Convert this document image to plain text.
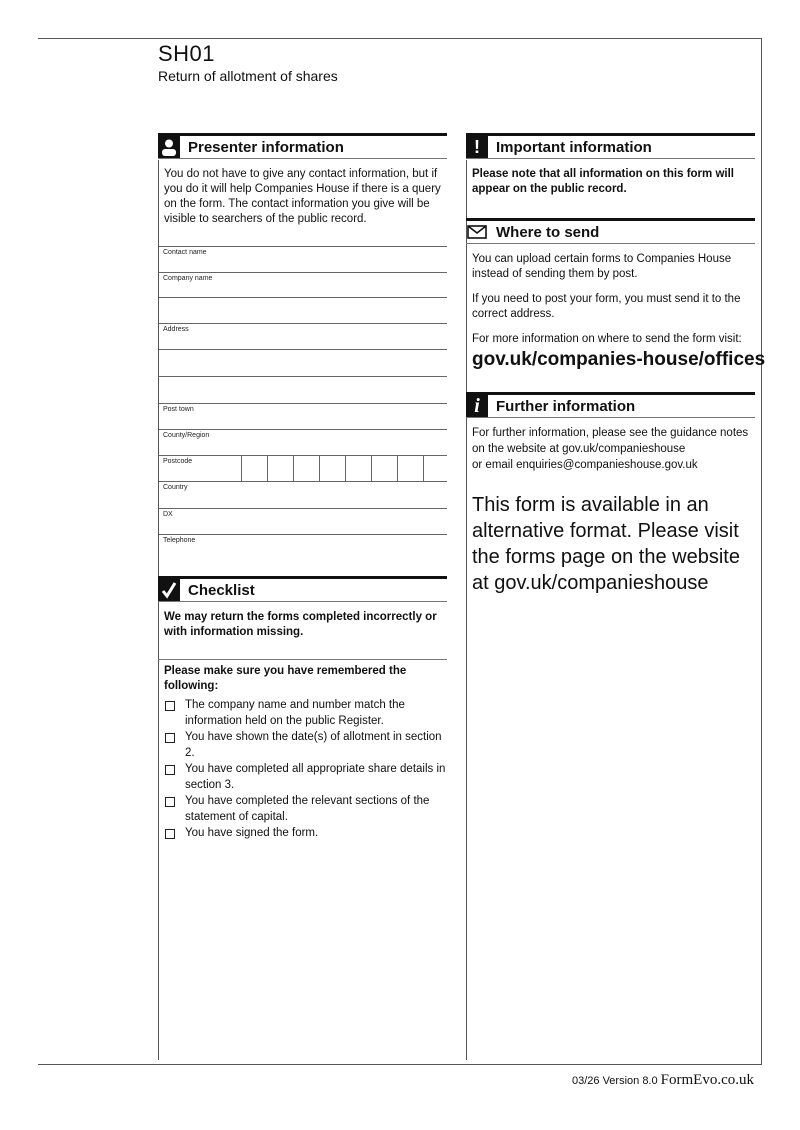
SH01
Return of allotment of shares
Presenter information
You do not have to give any contact information, but if you do it will help Companies House if there is a query on the form. The contact information you give will be visible to searchers of the public record.
Contact name
Company name
Address
Post town
County/Region
Postcode
Country
DX
Telephone
Checklist
We may return the forms completed incorrectly or with information missing.
Please make sure you have remembered the following:
The company name and number match the information held on the public Register.
You have shown the date(s) of allotment in section 2.
You have completed all appropriate share details in section 3.
You have completed the relevant sections of the statement of capital.
You have signed the form.
!	Important information
Please note that all information on this form will appear on the public record.
Where to send
You can upload certain forms to Companies House instead of sending them by post.
If you need to post your form, you must send it to the correct address.
For more information on where to send the form visit:
gov.uk/companies-house/offices
i	Further information
For further information, please see the guidance notes
on the website at gov.uk/companieshouse
or email enquiries@companieshouse.gov.uk
This form is available in an alternative format. Please visit the forms page on the website at gov.uk/companieshouse
03/26 Version 8.0 FormEvo.co.uk
